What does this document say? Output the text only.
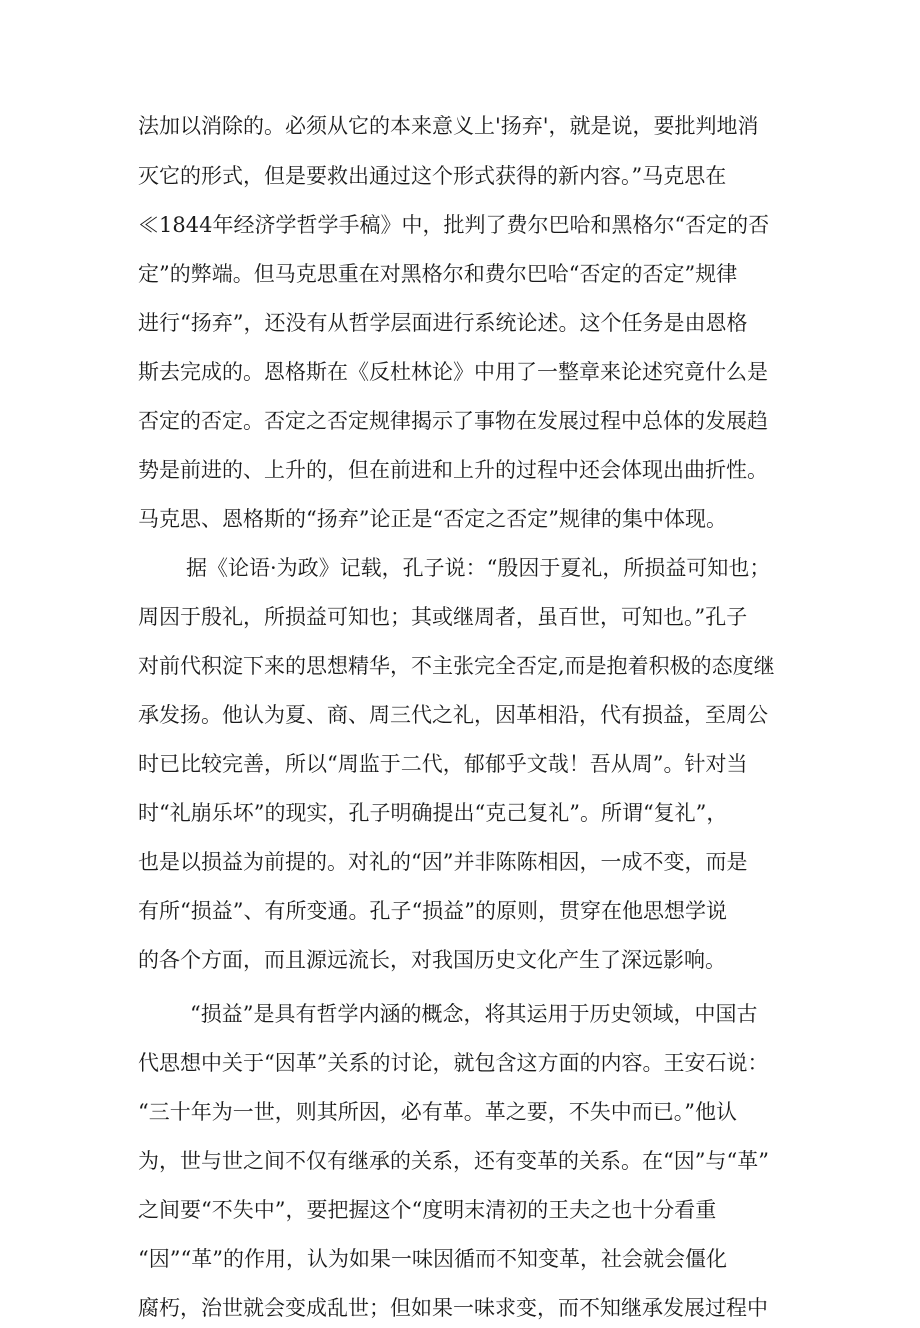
法加以消除的。必须从它的本来意义上'扬弃'，就是说，要批判地消
灭它的形式，但是要救出通过这个形式获得的新内容。”马克思在
≪1844年经济学哲学手稿》中，批判了费尔巴哈和黑格尔“否定的否
定”的弊端。但马克思重在对黑格尔和费尔巴哈“否定的否定”规律
进行“扬弃”，还没有从哲学层面进行系统论述。这个任务是由恩格
斯去完成的。恩格斯在《反杜林论》中用了一整章来论述究竟什么是
否定的否定。否定之否定规律揭示了事物在发展过程中总体的发展趋
势是前进的、上升的，但在前进和上升的过程中还会体现出曲折性。
马克思、恩格斯的“扬弃”论正是“否定之否定”规律的集中体现。
据《论语·为政》记载，孔子说：“殷因于夏礼，所损益可知也；
周因于殷礼，所损益可知也；其或继周者，虽百世，可知也。”孔子
对前代积淀下来的思想精华，不主张完全否定,而是抱着积极的态度继
承发扬。他认为夏、商、周三代之礼，因革相沿，代有损益，至周公
时已比较完善，所以“周监于二代，郁郁乎文哉！吾从周”。针对当
时“礼崩乐坏”的现实，孔子明确提出“克己复礼”。所谓“复礼”，
也是以损益为前提的。对礼的“因”并非陈陈相因，一成不变，而是
有所“损益”、有所变通。孔子“损益”的原则，贯穿在他思想学说
的各个方面，而且源远流长，对我国历史文化产生了深远影响。
“损益”是具有哲学内涵的概念，将其运用于历史领域，中国古
代思想中关于“因革”关系的讨论，就包含这方面的内容。王安石说：
“三十年为一世，则其所因，必有革。革之要，不失中而已。”他认
为，世与世之间不仅有继承的关系，还有变革的关系。在“因”与“革”
之间要“不失中”，要把握这个“度明末清初的王夫之也十分看重
“因”“革”的作用，认为如果一味因循而不知变革，社会就会僵化
腐朽，治世就会变成乱世；但如果一味求变，而不知继承发展过程中
